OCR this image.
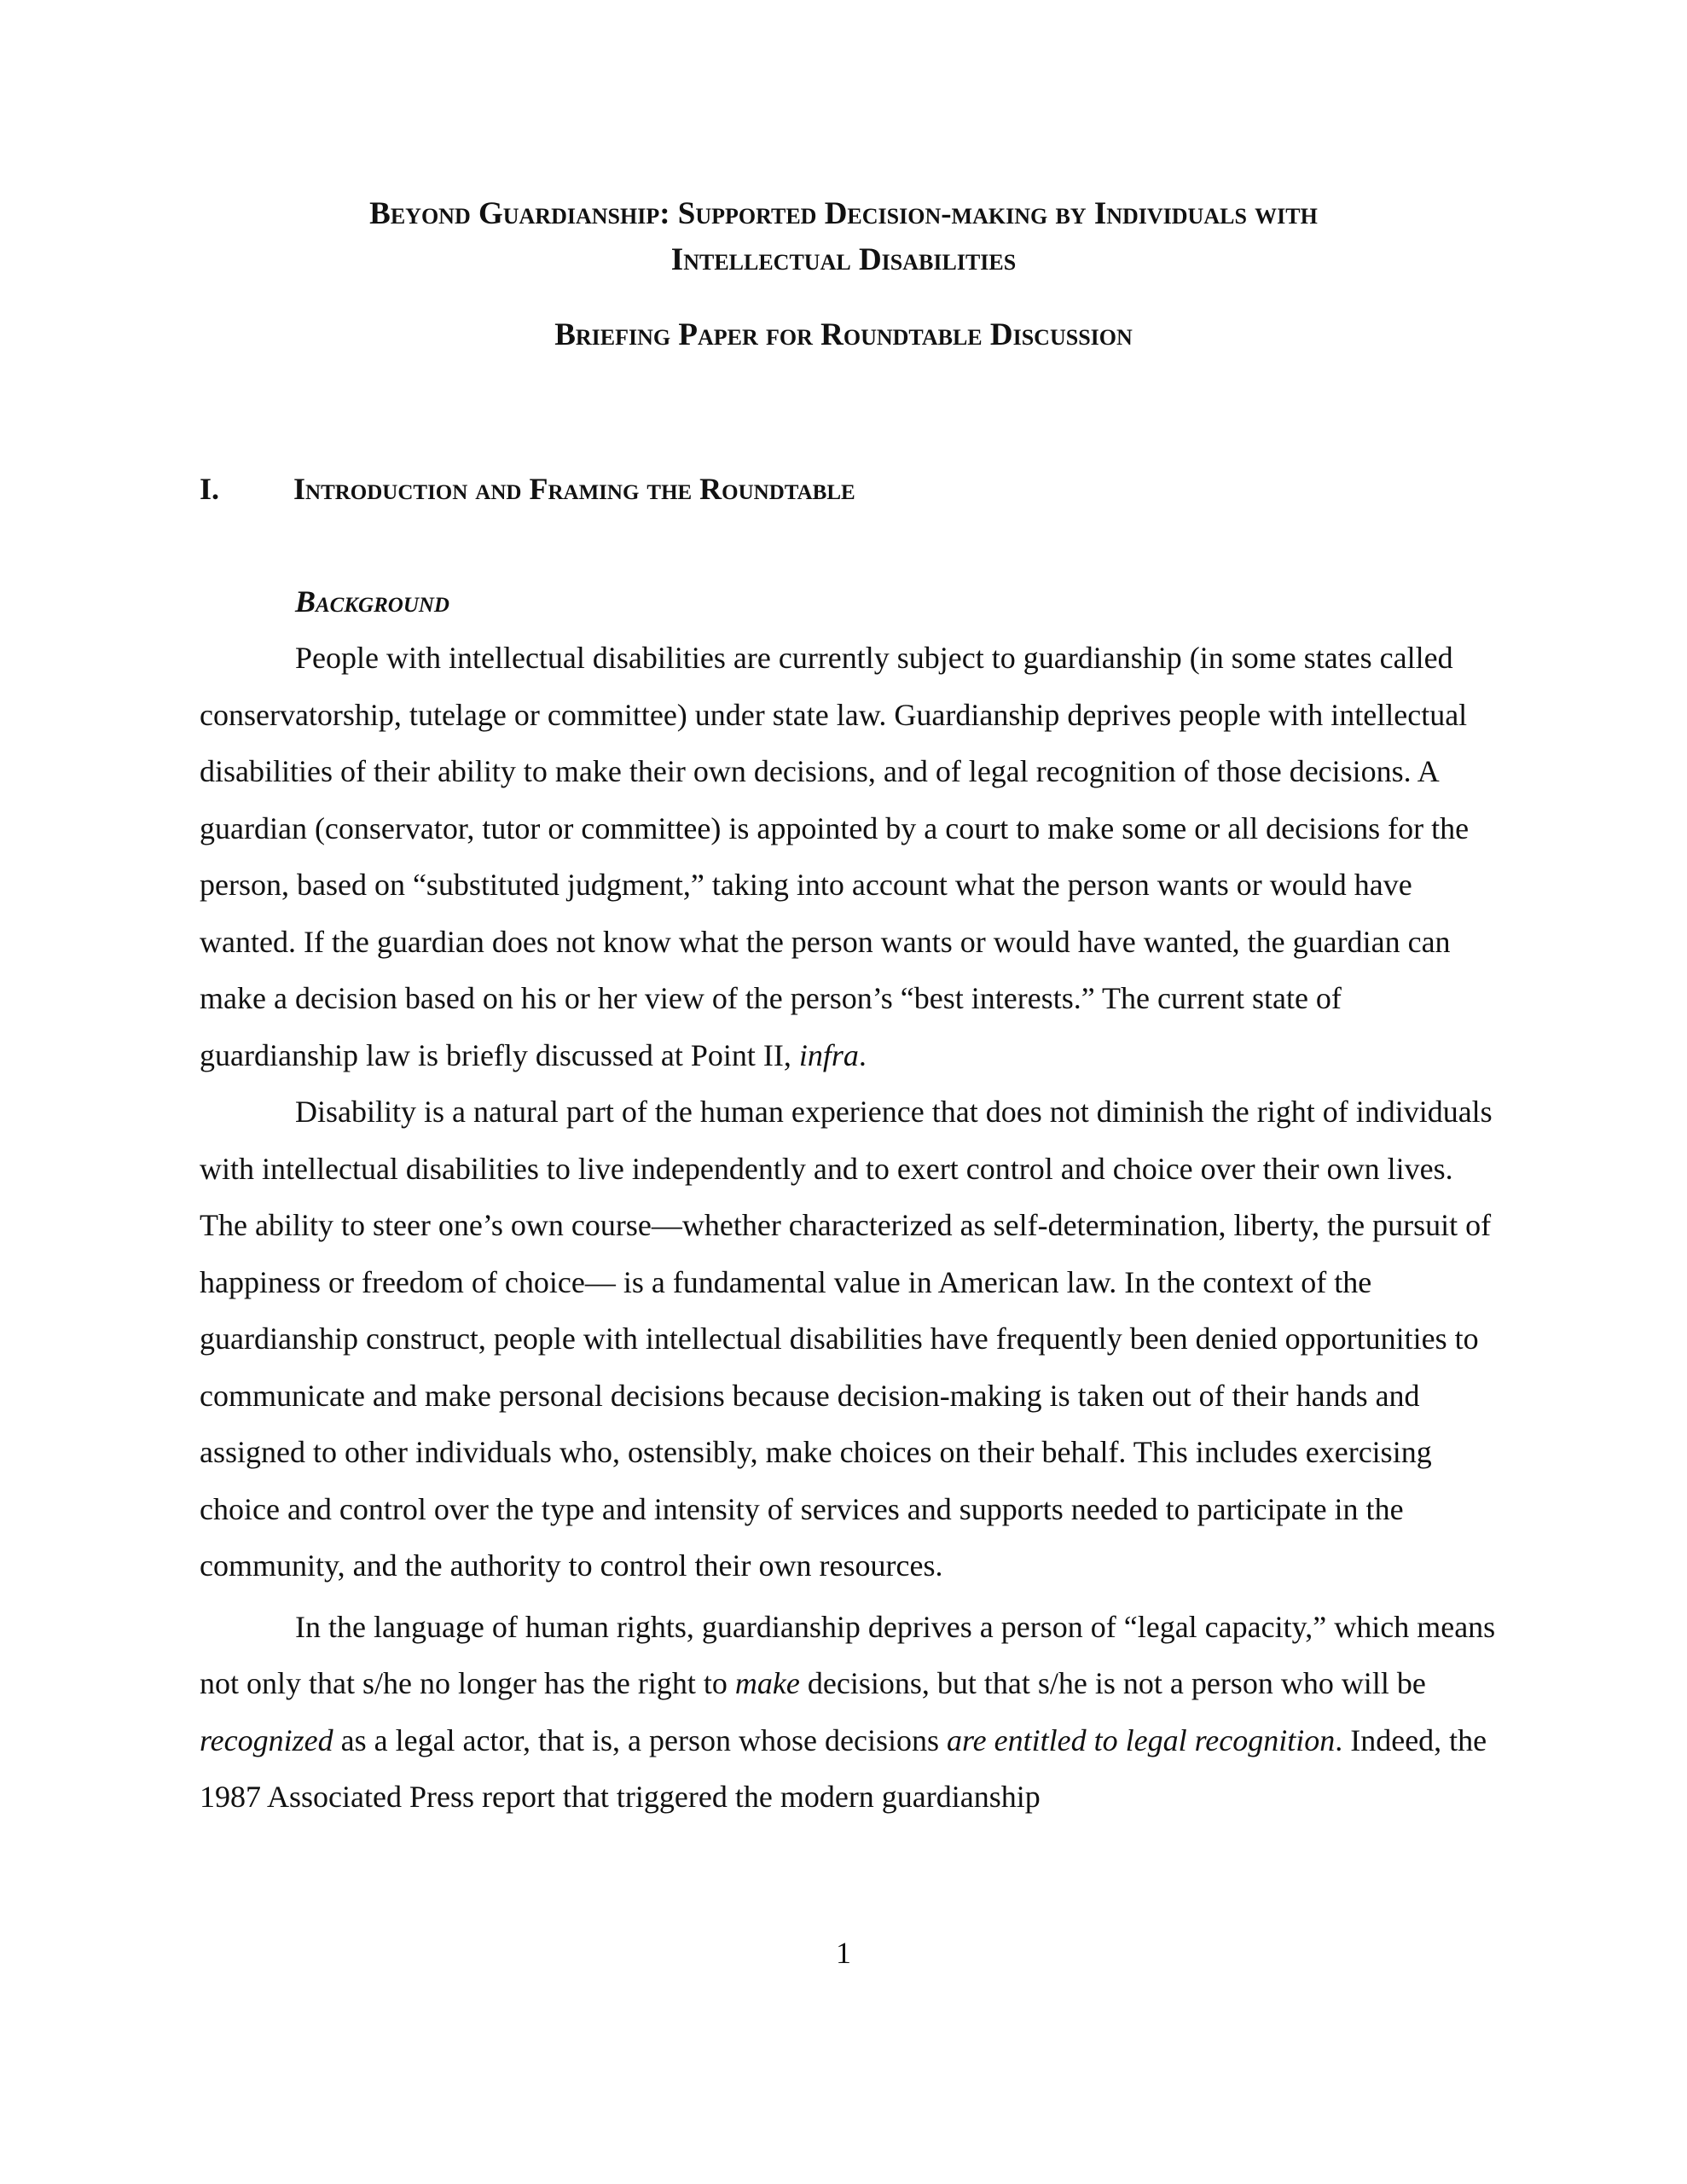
Beyond Guardianship: Supported Decision-making by Individuals with
Intellectual Disabilities
Briefing Paper for Roundtable Discussion
I. Introduction and Framing the Roundtable
Background

People with intellectual disabilities are currently subject to guardianship (in some states called conservatorship, tutelage or committee) under state law. Guardianship deprives people with intellectual disabilities of their ability to make their own decisions, and of legal recognition of those decisions. A guardian (conservator, tutor or committee) is appointed by a court to make some or all decisions for the person, based on “substituted judgment,” taking into account what the person wants or would have wanted. If the guardian does not know what the person wants or would have wanted, the guardian can make a decision based on his or her view of the person’s “best interests.” The current state of guardianship law is briefly discussed at Point II, infra.

Disability is a natural part of the human experience that does not diminish the right of individuals with intellectual disabilities to live independently and to exert control and choice over their own lives. The ability to steer one’s own course—whether characterized as self-determination, liberty, the pursuit of happiness or freedom of choice— is a fundamental value in American law. In the context of the guardianship construct, people with intellectual disabilities have frequently been denied opportunities to communicate and make personal decisions because decision-making is taken out of their hands and assigned to other individuals who, ostensibly, make choices on their behalf. This includes exercising choice and control over the type and intensity of services and supports needed to participate in the community, and the authority to control their own resources.

In the language of human rights, guardianship deprives a person of “legal capacity,” which means not only that s/he no longer has the right to make decisions, but that s/he is not a person who will be recognized as a legal actor, that is, a person whose decisions are entitled to legal recognition. Indeed, the 1987 Associated Press report that triggered the modern guardianship

1
